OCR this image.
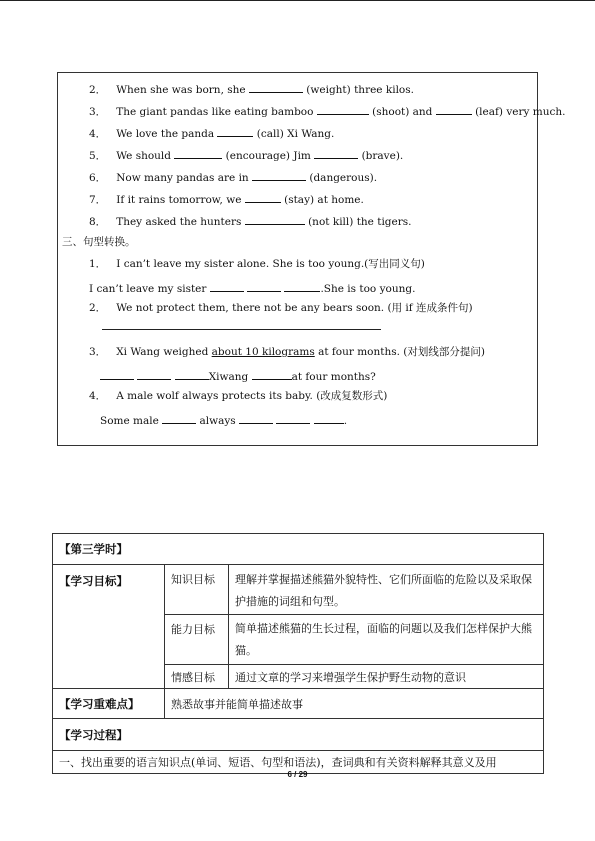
2． When she was born, she	(weight) three kilos.
3． The giant pandas like eating bamboo	(shoot) and	(leaf) very much.
4． We love the panda	(call) Xi Wang.
5． We should	(encourage) Jim	(brave).
6． Now many pandas are in	(dangerous).
7． If it rains tomorrow, we	(stay) at home.
8． They asked the hunters	(not kill) the tigers.
三、句型转换。
1． I can’t leave my sister alone. She is too young.(写出同义句)
I can’t leave my sister	.She is too young.
2． We not protect them, there not be any bears soon. (用 if 连成条件句)
3． Xi Wang weighed about 10 kilograms at four months. (对划线部分提问)
Xiwang	at four months?
4． A male wolf always protects its baby. (改成复数形式)
Some male	always	.
【第三学时】		
【学习目标】	知识目标	理解并掌握描述熊猫外貌特性、它们所面临的危险以及采取保护措施的词组和句型。
	能力目标	简单描述熊猫的生长过程，面临的问题以及我们怎样保护大熊猫。
	情感目标	通过文章的学习来增强学生保护野生动物的意识
【学习重难点】	熟悉故事并能简单描述故事	
【学习过程】		
一、找出重要的语言知识点(单词、短语、句型和语法)，查词典和有关资料解释其意义及用		
6 / 29
